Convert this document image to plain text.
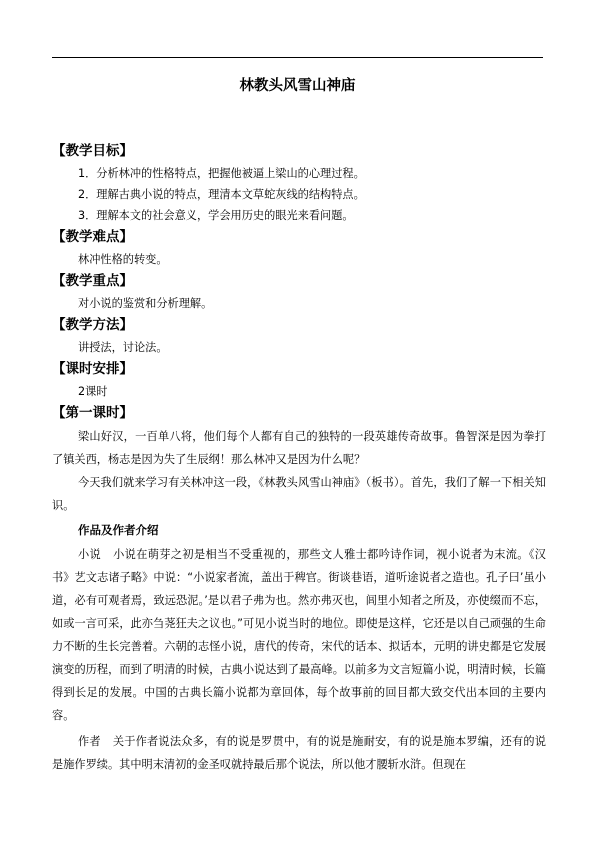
林教头风雪山神庙
【教学目标】
1．分析林冲的性格特点，把握他被逼上梁山的心理过程。
2．理解古典小说的特点，理清本文草蛇灰线的结构特点。
3．理解本文的社会意义，学会用历史的眼光来看问题。
【教学难点】
林冲性格的转变。
【教学重点】
对小说的鉴赏和分析理解。
【教学方法】
讲授法，讨论法。
【课时安排】
2课时
【第一课时】

梁山好汉，一百单八将，他们每个人都有自己的独特的一段英雄传奇故事。鲁智深是因为拳打了镇关西，杨志是因为失了生辰纲！那么林冲又是因为什么呢？

今天我们就来学习有关林冲这一段，《林教头风雪山神庙》（板书）。首先，我们了解一下相关知识。

作品及作者介绍

小说 小说在萌芽之初是相当不受重视的，那些文人雅士都吟诗作词，视小说者为末流。《汉书》艺文志诸子略》中说：“小说家者流，盖出于稗官。街谈巷语，道听途说者之造也。孔子曰’虽小道，必有可观者焉，致远恐泥。’是以君子弗为也。然亦弗灭也，闾里小知者之所及，亦使缀而不忘，如或一言可采，此亦刍荛狂夫之议也。”可见小说当时的地位。即使是这样，它还是以自己顽强的生命力不断的生长完善着。六朝的志怪小说，唐代的传奇，宋代的话本、拟话本，元明的讲史都是它发展演变的历程，而到了明清的时候，古典小说达到了最高峰。以前多为文言短篇小说，明清时候，长篇得到长足的发展。中国的古典长篇小说都为章回体，每个故事前的回目都大致交代出本回的主要内容。

作者 关于作者说法众多，有的说是罗贯中，有的说是施耐安，有的说是施本罗编，还有的说是施作罗续。其中明末清初的金圣叹就持最后那个说法，所以他才腰斩水浒。但现在
